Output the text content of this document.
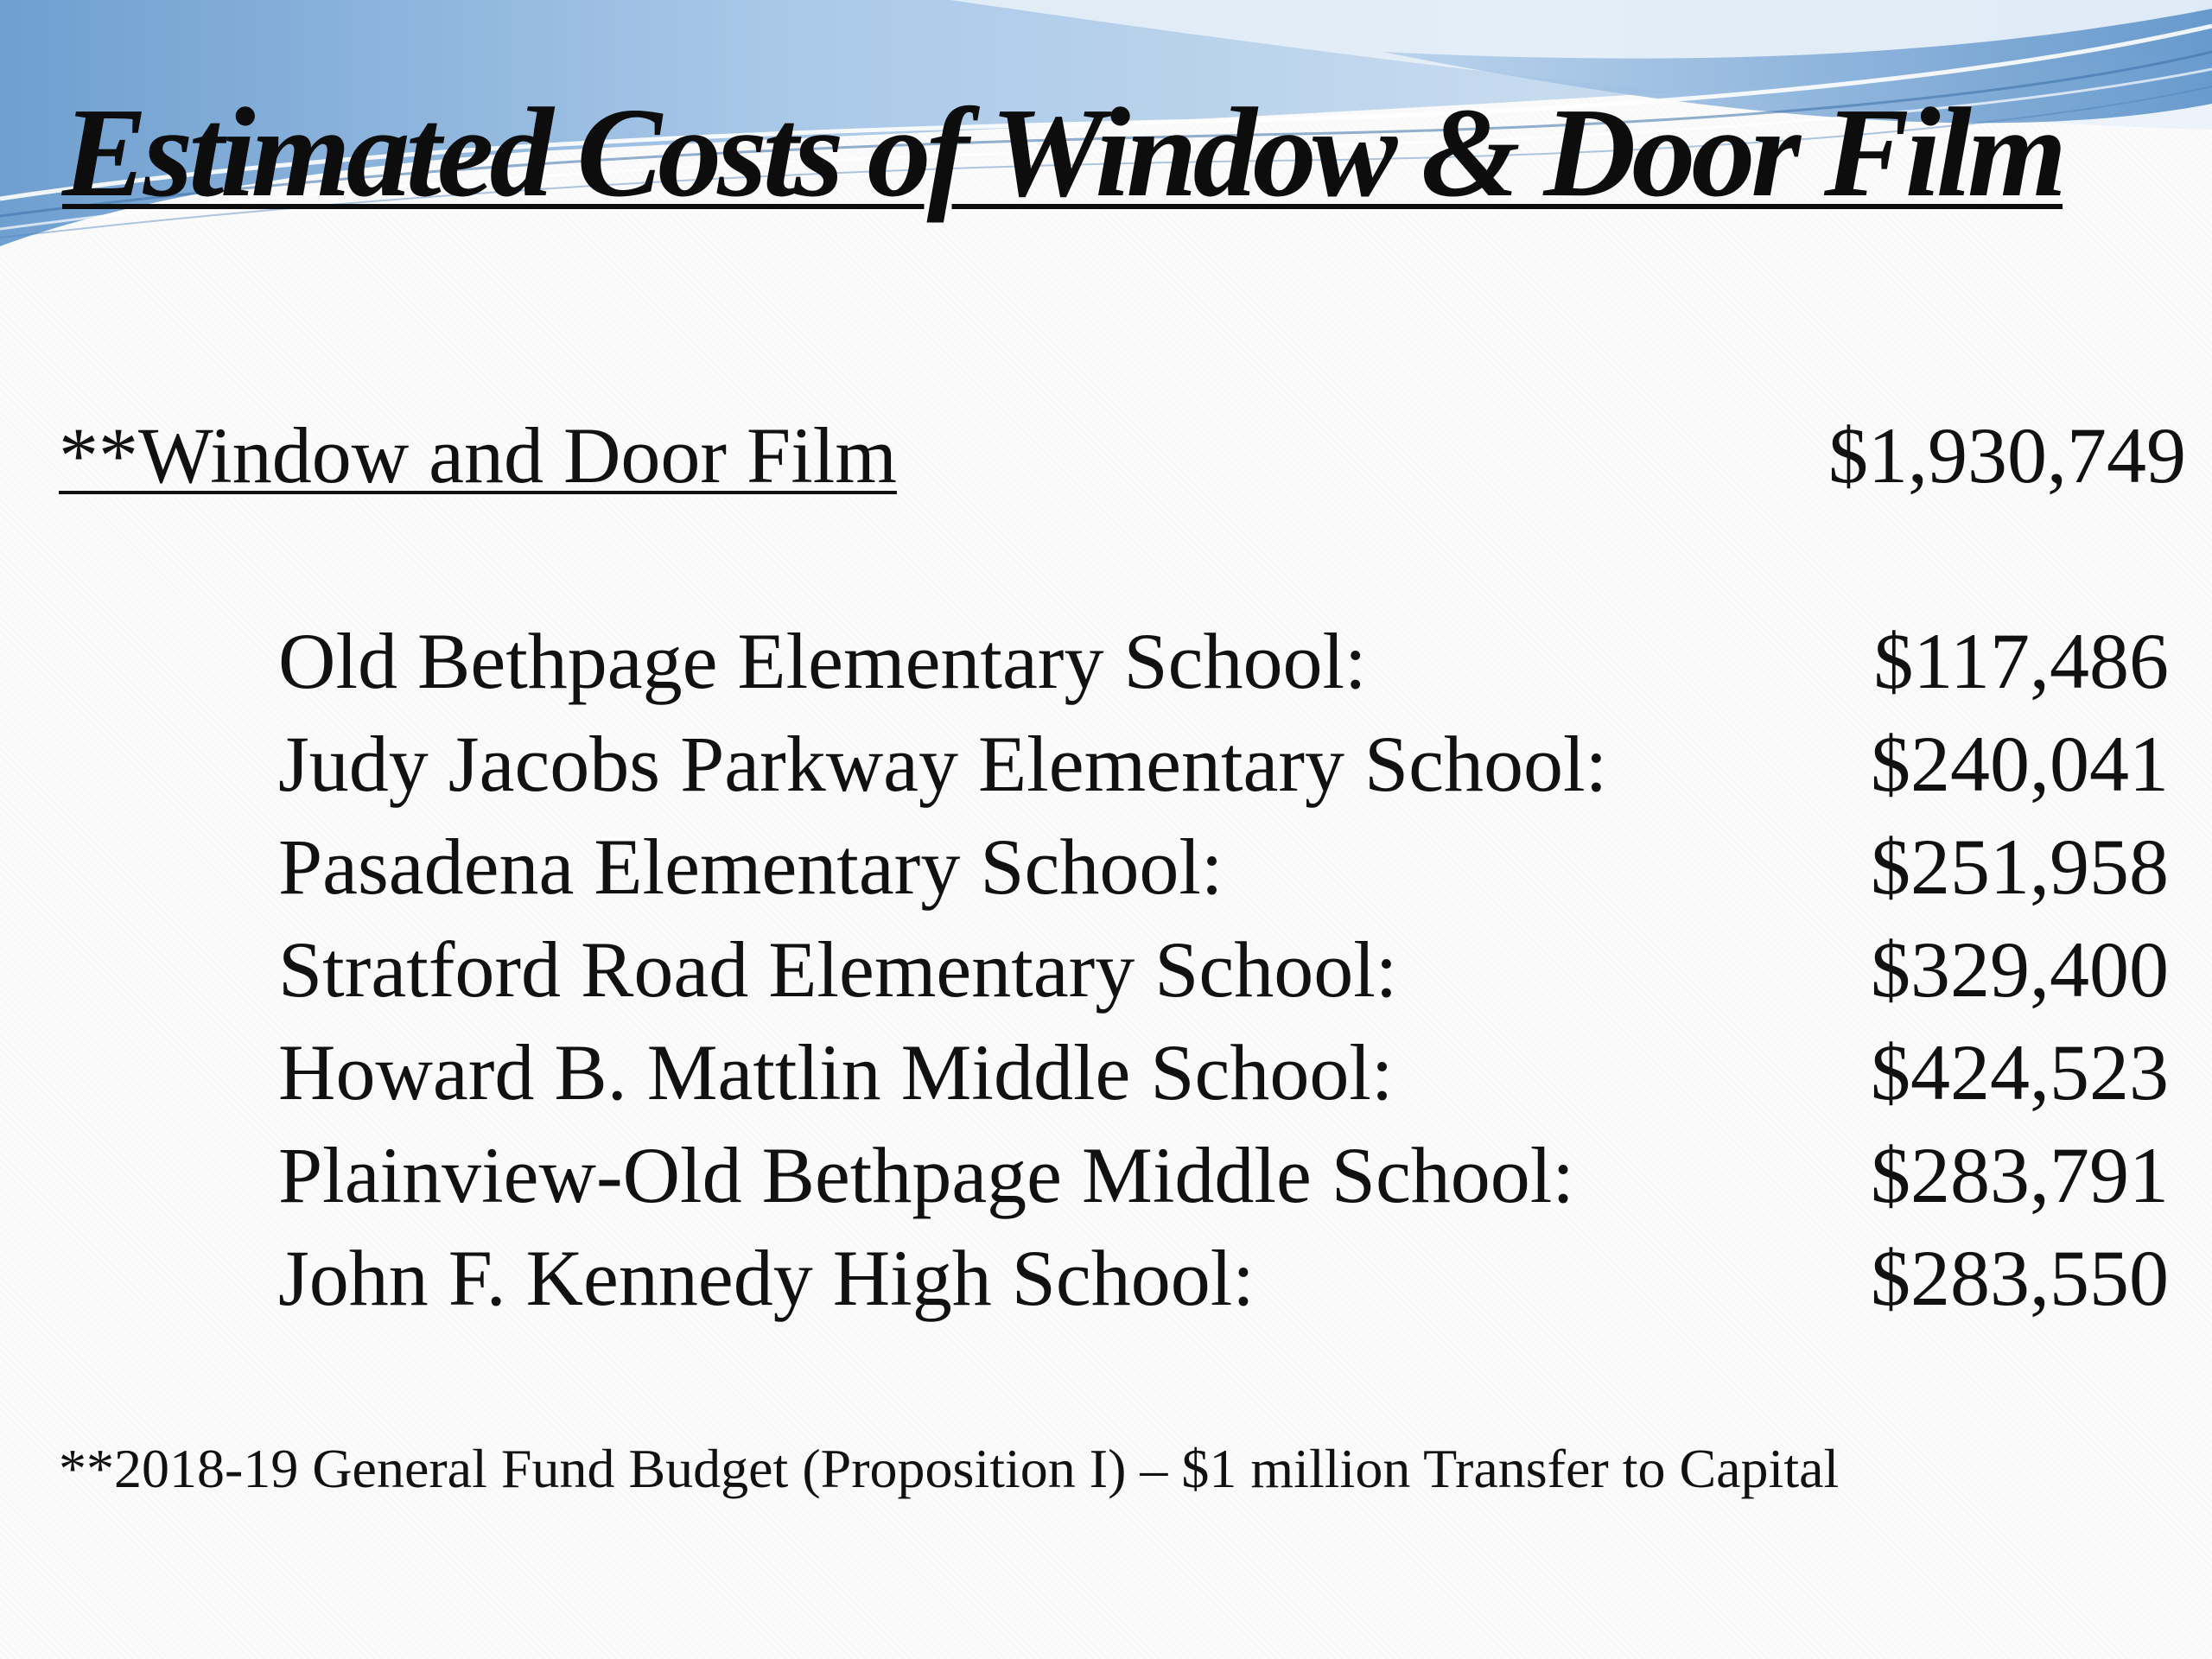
Estimated Costs of Window & Door Film
**Window and Door Film	$1,930,749
Old Bethpage Elementary School:	$117,486
Judy Jacobs Parkway Elementary School:	$240,041
Pasadena Elementary School:	$251,958
Stratford Road Elementary School:	$329,400
Howard B. Mattlin Middle School:	$424,523
Plainview-Old Bethpage Middle School:	$283,791
John F. Kennedy High School:	$283,550
**2018-19 General Fund Budget (Proposition I) – $1 million Transfer to Capital
